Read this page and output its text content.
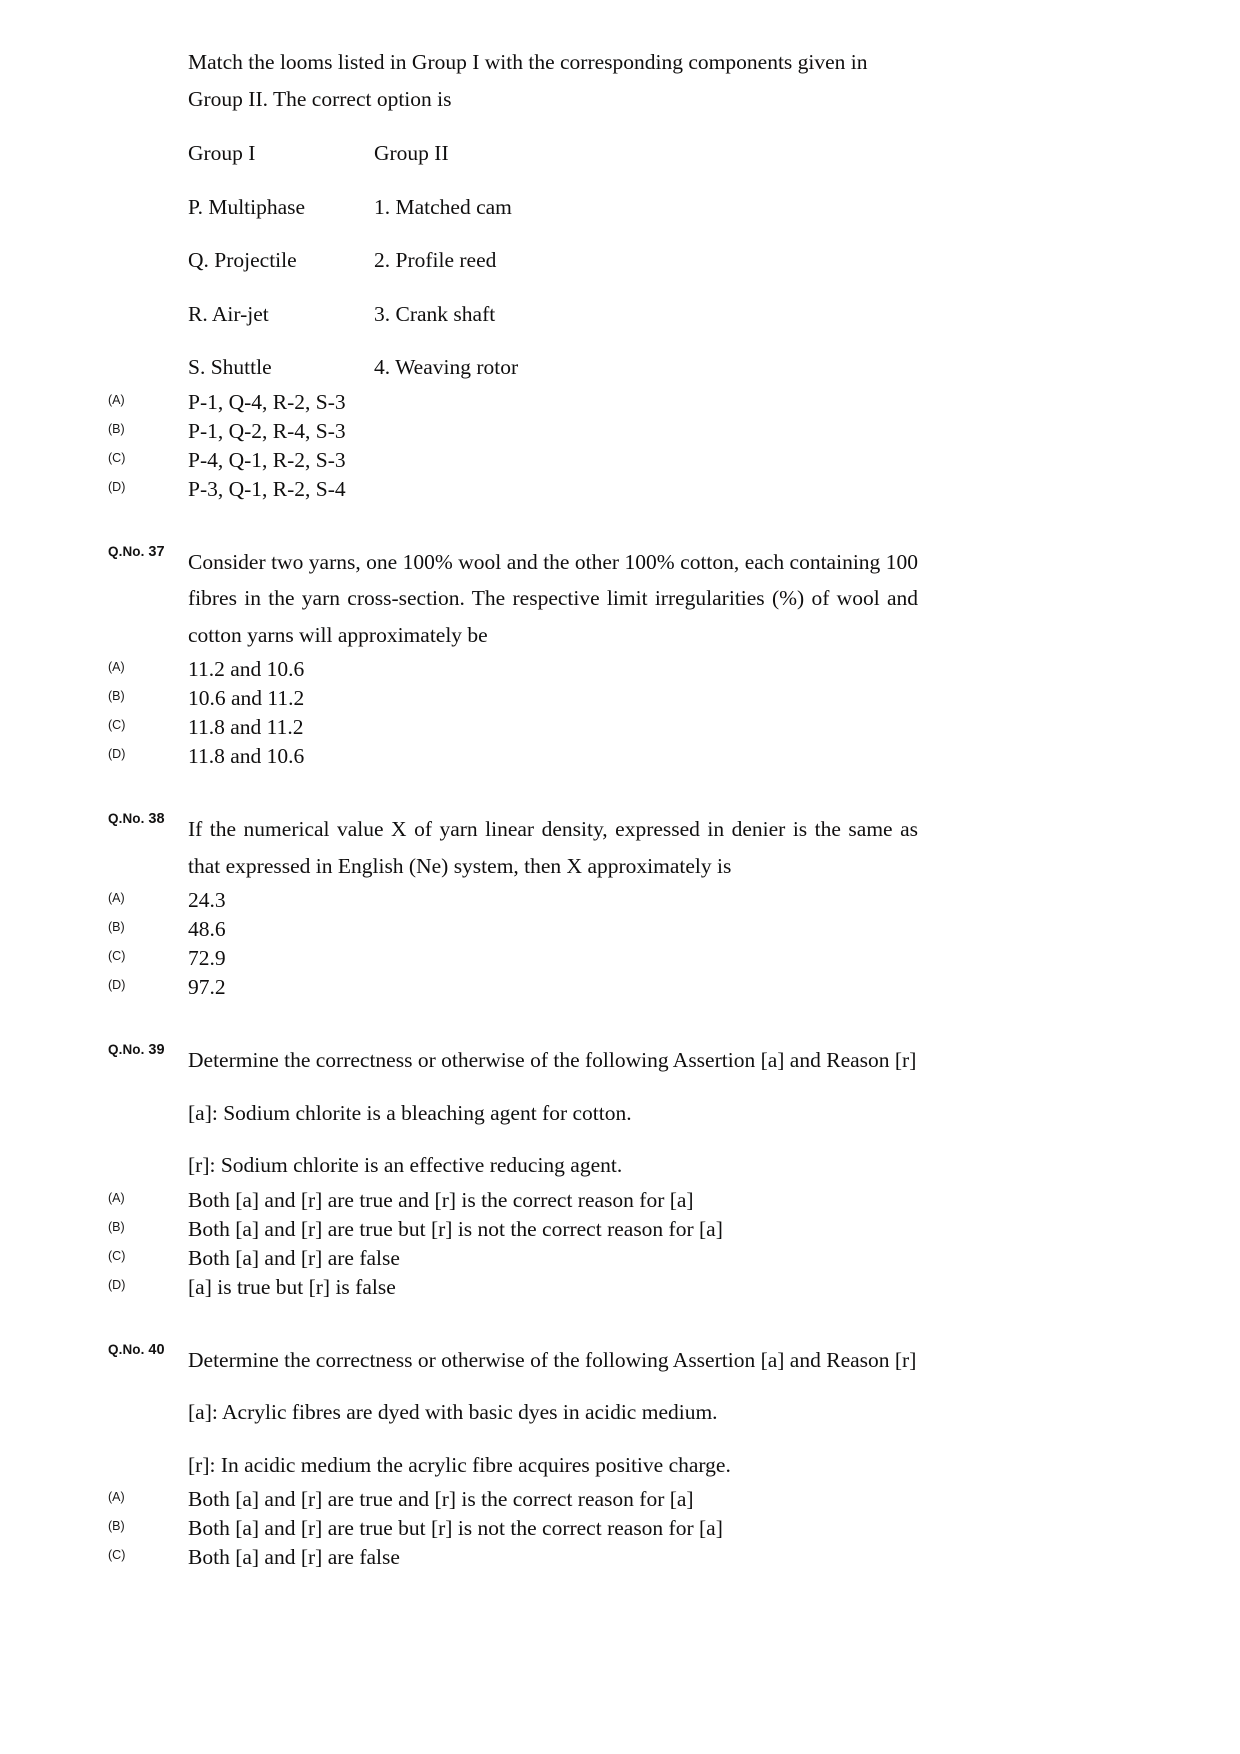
Match the looms listed in Group I with the corresponding components given in
Group II. The correct option is
Group I	Group II
P. Multiphase	1. Matched cam
Q. Projectile	2. Profile reed
R. Air-jet	3. Crank shaft
S. Shuttle	4. Weaving rotor
(A)	P-1, Q-4, R-2, S-3
(B)	P-1, Q-2, R-4, S-3
(C)	P-4, Q-1, R-2, S-3
(D)	P-3, Q-1, R-2, S-4
Q.No. 37	Consider two yarns, one 100% wool and the other 100% cotton, each containing 100 fibres in the yarn cross-section. The respective limit irregularities (%) of wool and cotton yarns will approximately be
(A)	11.2 and 10.6
(B)	10.6 and 11.2
(C)	11.8 and 11.2
(D)	11.8 and 10.6
Q.No. 38	If the numerical value X of yarn linear density, expressed in denier is the same as that expressed in English (Ne) system, then X approximately is
(A)	24.3
(B)	48.6
(C)	72.9
(D)	97.2
Q.No. 39	Determine the correctness or otherwise of the following Assertion [a] and Reason [r]
[a]: Sodium chlorite is a bleaching agent for cotton.
[r]: Sodium chlorite is an effective reducing agent.
(A)	Both [a] and [r] are true and [r] is the correct reason for [a]
(B)	Both [a] and [r] are true but [r] is not the correct reason for [a]
(C)	Both [a] and [r] are false
(D)	[a] is true but [r] is false
Q.No. 40	Determine the correctness or otherwise of the following Assertion [a] and Reason [r]
[a]: Acrylic fibres are dyed with basic dyes in acidic medium.
[r]: In acidic medium the acrylic fibre acquires positive charge.
(A)	Both [a] and [r] are true and [r] is the correct reason for [a]
(B)	Both [a] and [r] are true but [r] is not the correct reason for [a]
(C)	Both [a] and [r] are false
